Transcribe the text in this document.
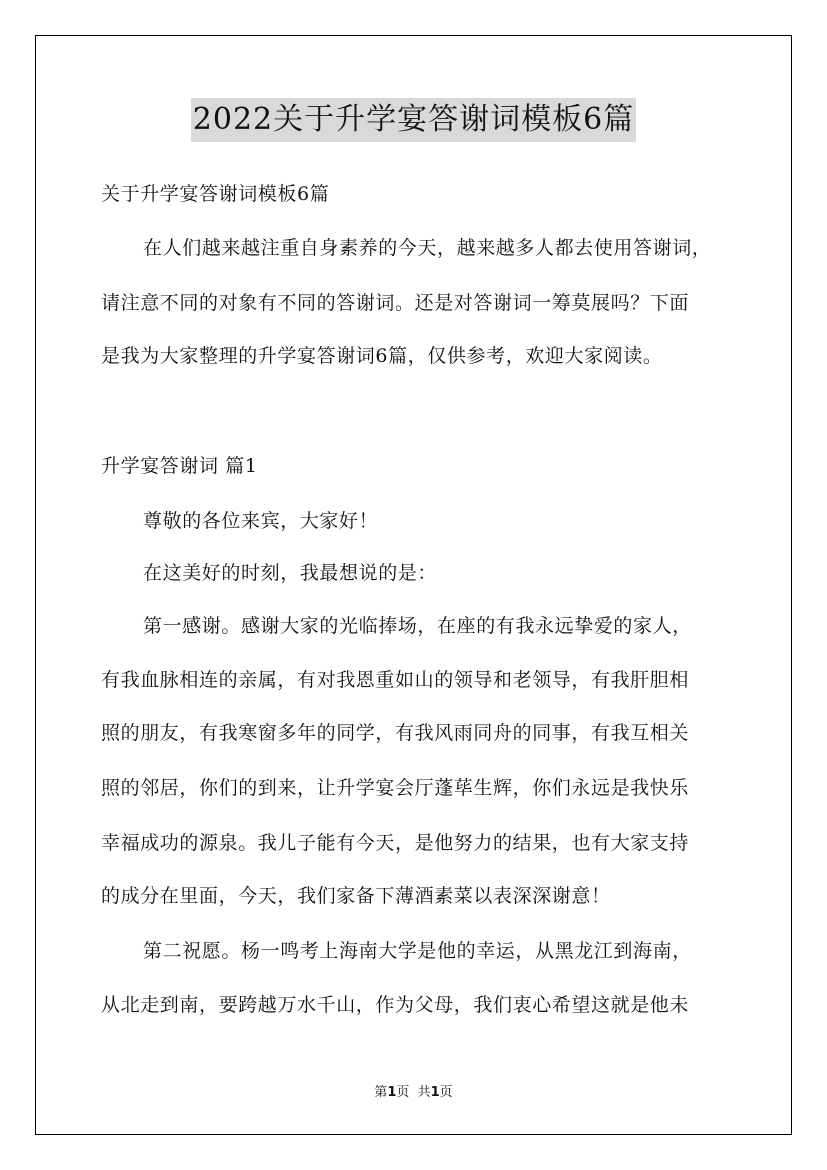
2022关于升学宴答谢词模板6篇
关于升学宴答谢词模板6篇
在人们越来越注重自身素养的今天，越来越多人都去使用答谢词，
请注意不同的对象有不同的答谢词。还是对答谢词一筹莫展吗？下面
是我为大家整理的升学宴答谢词6篇，仅供参考，欢迎大家阅读。
升学宴答谢词 篇1
尊敬的各位来宾，大家好！
在这美好的时刻，我最想说的是：
第一感谢。感谢大家的光临捧场，在座的有我永远挚爱的家人，
有我血脉相连的亲属，有对我恩重如山的领导和老领导，有我肝胆相
照的朋友，有我寒窗多年的同学，有我风雨同舟的同事，有我互相关
照的邻居，你们的到来，让升学宴会厅蓬荜生辉，你们永远是我快乐
幸福成功的源泉。我儿子能有今天，是他努力的结果，也有大家支持
的成分在里面，今天，我们家备下薄酒素菜以表深深谢意！
第二祝愿。杨一鸣考上海南大学是他的幸运，从黑龙江到海南，
从北走到南，要跨越万水千山，作为父母，我们衷心希望这就是他未
第1页  共1页
